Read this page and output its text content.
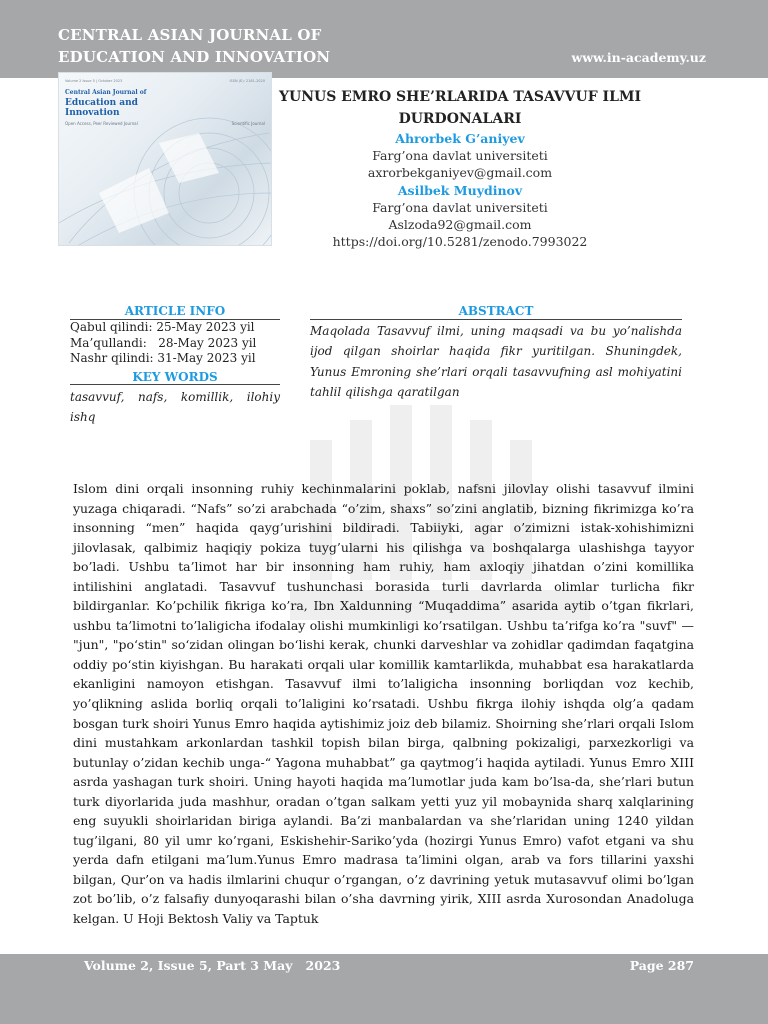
CENTRAL ASIAN JOURNAL OF EDUCATION AND INNOVATION	www.in-academy.uz
Volume 2 Issue 5 | October 2023	ISSN (E): 2181-2020
Central Asian Journal of
Education and
Innovation
Open Access, Peer Reviewed Journal	Scientific Journal
YUNUS EMRO SHE’RLARIDA TASAVVUF ILMI DURDONALARI
Ahrorbek G’aniyev
Farg’ona davlat universiteti
axrorbekganiyev@gmail.com
Asilbek Muydinov
Farg’ona davlat universiteti
Aslzoda92@gmail.com
https://doi.org/10.5281/zenodo.7993022
ARTICLE INFO
Qabul qilindi: 25-May 2023 yil
Ma’qullandi:   28-May 2023 yil
Nashr qilindi: 31-May 2023 yil
KEY WORDS
tasavvuf, nafs, komillik, ilohiy
ishq
ABSTRACT
Maqolada Tasavvuf ilmi, uning maqsadi va bu yo’nalishda ijod qilgan shoirlar haqida fikr yuritilgan. Shuningdek, Yunus Emroning she’rlari orqali tasavvufning asl mohiyatini tahlil qilishga qaratilgan

Islom dini orqali insonning ruhiy kechinmalarini poklab, nafsni jilovlay olishi tasavvuf ilmini yuzaga chiqaradi. “Nafs” so’zi arabchada “o’zim, shaxs” so’zini anglatib, bizning fikrimizga ko’ra insonning “men” haqida qayg’urishini bildiradi. Tabiiyki, agar o’zimizni istak-xohishimizni jilovlasak, qalbimiz haqiqiy pokiza tuyg’ularni his qilishga va boshqalarga ulashishga tayyor bo’ladi. Ushbu ta’limot har bir insonning ham ruhiy, ham axloqiy jihatdan o’zini komillika intilishini anglatadi. Tasavvuf tushunchasi borasida turli davrlarda olimlar turlicha fikr bildirganlar. Ko’pchilik fikriga ko’ra, Ibn Xaldunning “Muqaddima” asarida aytib o’tgan fikrlari, ushbu ta’limotni to’laligicha ifodalay olishi mumkinligi ko’rsatilgan. Ushbu ta’rifga ko’ra "suvf" — "jun", "po‘stin" so‘zidan olingan bo‘lishi kerak, chunki darveshlar va zohidlar qadimdan faqatgina oddiy po‘stin kiyishgan. Bu harakati orqali ular komillik kamtarlikda, muhabbat esa harakatlarda ekanligini namoyon etishgan. Tasavvuf ilmi to’laligicha insonning borliqdan voz kechib, yo’qlikning aslida borliq orqali to’laligini ko’rsatadi. Ushbu fikrga ilohiy ishqda olg’a qadam bosgan turk shoiri Yunus Emro haqida aytishimiz joiz deb bilamiz. Shoirning she’rlari orqali Islom dini mustahkam arkonlardan tashkil topish bilan birga, qalbning pokizaligi, parxezkorligi va butunlay o’zidan kechib unga-“ Yagona muhabbat” ga qaytmog’i haqida aytiladi. Yunus Emro XIII asrda yashagan turk shoiri. Uning hayoti haqida ma’lumotlar juda kam bo’lsa-da, she’rlari butun turk diyorlarida juda mashhur, oradan o’tgan salkam yetti yuz yil mobaynida sharq xalqlarining eng suyukli shoirlaridan biriga aylandi. Ba’zi manbalardan va she’rlaridan uning 1240 yildan tug’ilgani, 80 yil umr ko’rgani, Eskishehir-Sariko’yda (hozirgi Yunus Emro) vafot etgani va shu yerda dafn etilgani ma’lum.Yunus Emro madrasa ta’limini olgan, arab va fors tillarini yaxshi bilgan, Qur’on va hadis ilmlarini chuqur o’rgangan, o’z davrining yetuk mutasavvuf olimi bo’lgan zot bo’lib, o’z falsafiy dunyoqarashi bilan o’sha davrning yirik, XIII asrda Xurosondan Anadoluga kelgan. U Hoji Bektosh Valiy va Taptuk

Volume 2, Issue 5, Part 3 May   2023	Page 287
